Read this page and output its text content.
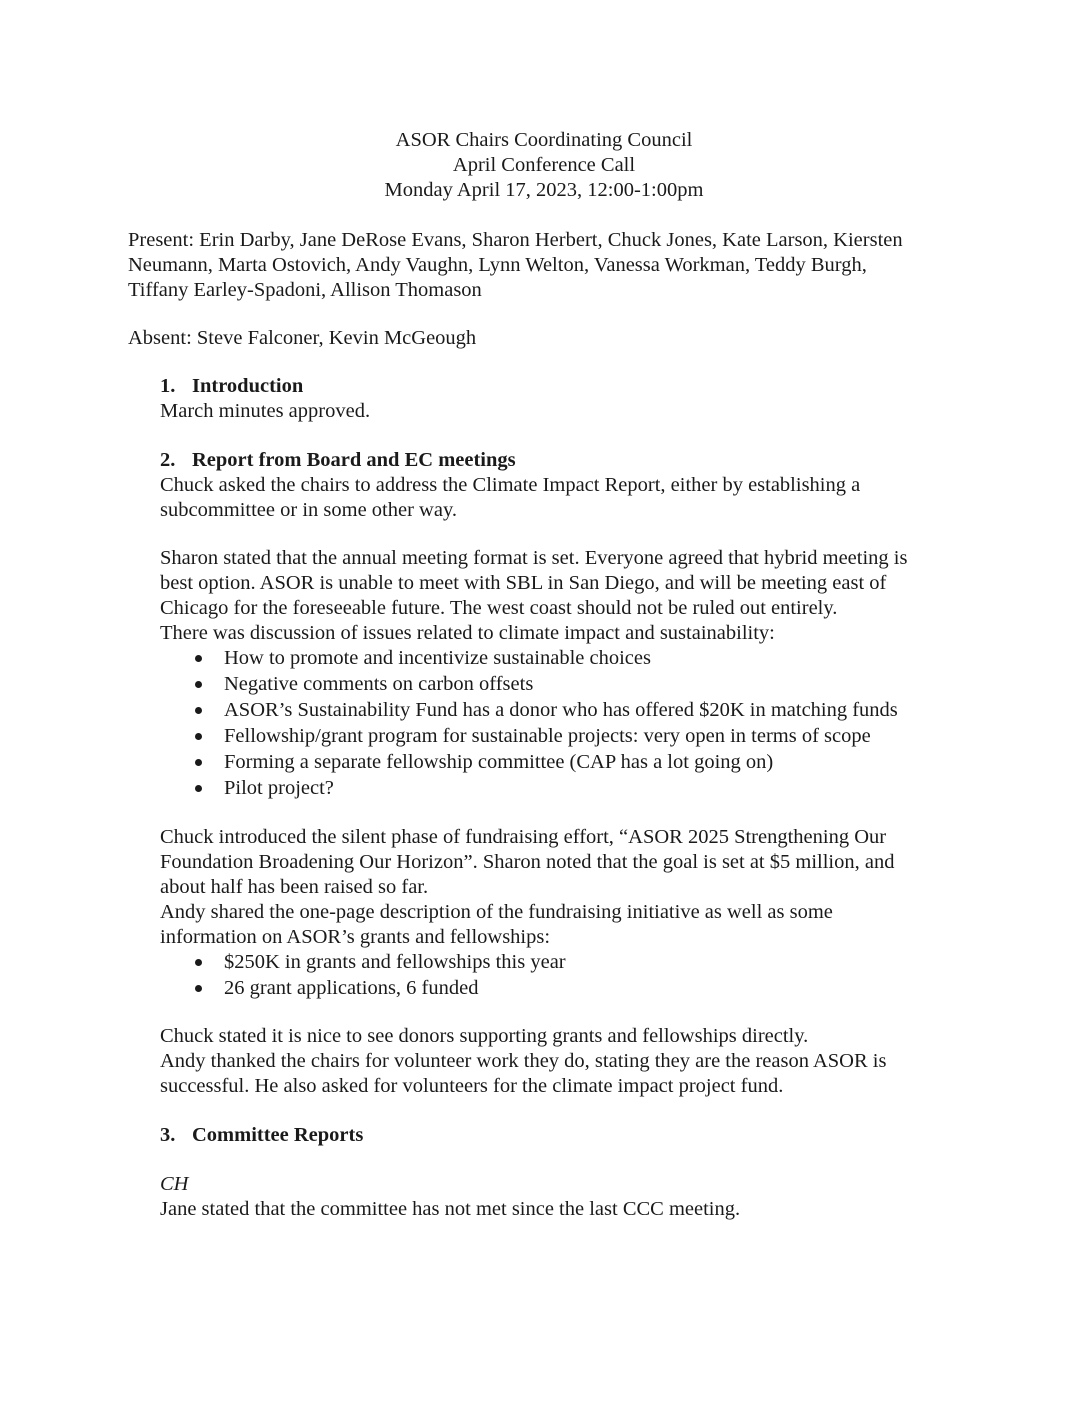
ASOR Chairs Coordinating Council
April Conference Call
Monday April 17, 2023, 12:00-1:00pm
Present: Erin Darby, Jane DeRose Evans, Sharon Herbert, Chuck Jones, Kate Larson, Kiersten
Neumann, Marta Ostovich, Andy Vaughn, Lynn Welton, Vanessa Workman, Teddy Burgh,
Tiffany Earley-Spadoni, Allison Thomason
Absent: Steve Falconer, Kevin McGeough
1. Introduction
March minutes approved.
2. Report from Board and EC meetings
Chuck asked the chairs to address the Climate Impact Report, either by establishing a
subcommittee or in some other way.
Sharon stated that the annual meeting format is set. Everyone agreed that hybrid meeting is
best option. ASOR is unable to meet with SBL in San Diego, and will be meeting east of
Chicago for the foreseeable future. The west coast should not be ruled out entirely.
There was discussion of issues related to climate impact and sustainability:
How to promote and incentivize sustainable choices
Negative comments on carbon offsets
ASOR’s Sustainability Fund has a donor who has offered $20K in matching funds
Fellowship/grant program for sustainable projects: very open in terms of scope
Forming a separate fellowship committee (CAP has a lot going on)
Pilot project?
Chuck introduced the silent phase of fundraising effort, “ASOR 2025 Strengthening Our
Foundation Broadening Our Horizon”. Sharon noted that the goal is set at $5 million, and
about half has been raised so far.
Andy shared the one-page description of the fundraising initiative as well as some
information on ASOR’s grants and fellowships:
$250K in grants and fellowships this year
26 grant applications, 6 funded
Chuck stated it is nice to see donors supporting grants and fellowships directly.
Andy thanked the chairs for volunteer work they do, stating they are the reason ASOR is
successful. He also asked for volunteers for the climate impact project fund.
3. Committee Reports
CH
Jane stated that the committee has not met since the last CCC meeting.
